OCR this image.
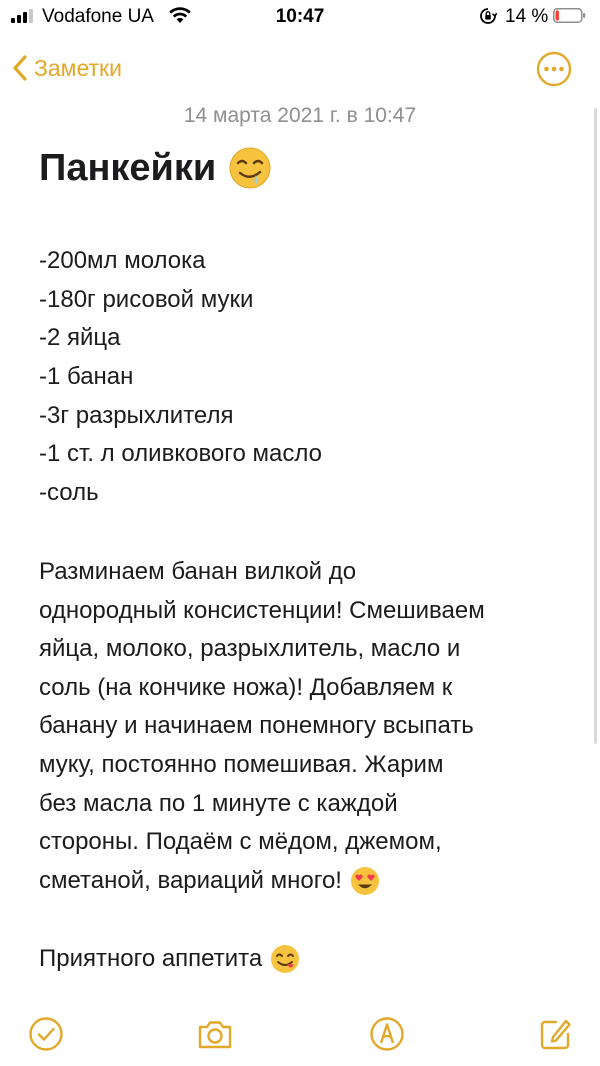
Vodafone UA	10:47	14 %
Заметки
14 марта 2021 г. в 10:47
Панкейки
-200мл молока
-180г рисовой муки
-2 яйца
-1 банан
-3г разрыхлителя
-1 ст. л оливкового масло
-соль
Разминаем банан вилкой до
однородный консистенции! Смешиваем
яйца, молоко, разрыхлитель, масло и
соль (на кончике ножа)! Добавляем к
банану и начинаем понемногу всыпать
муку, постоянно помешивая. Жарим
без масла по 1 минуте с каждой
стороны. Подаём с мёдом, джемом,
сметаной, вариаций много!
Приятного аппетита
